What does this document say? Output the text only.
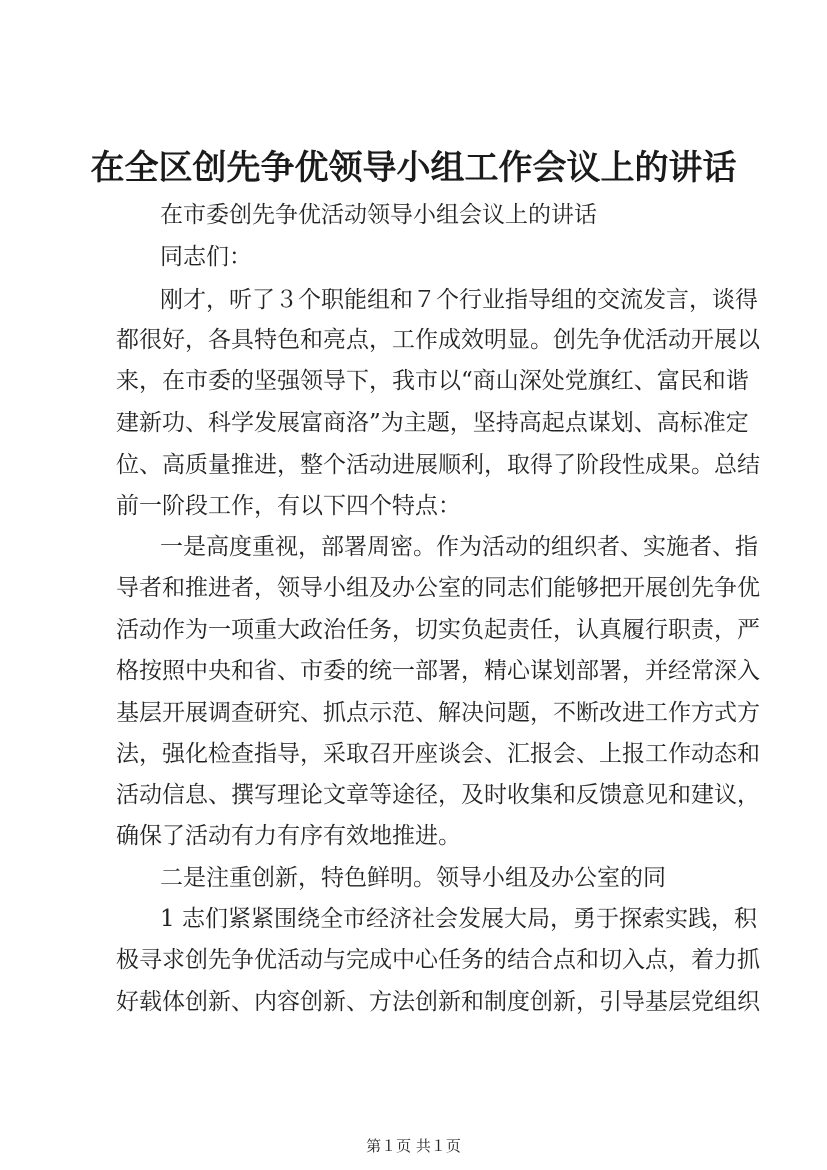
在全区创先争优领导小组工作会议上的讲话
在市委创先争优活动领导小组会议上的讲话
同志们：
刚才，听了３个职能组和７个行业指导组的交流发言，谈得
都很好，各具特色和亮点，工作成效明显。创先争优活动开展以
来，在市委的坚强领导下，我市以“商山深处党旗红、富民和谐
建新功、科学发展富商洛”为主题，坚持高起点谋划、高标准定
位、高质量推进，整个活动进展顺利，取得了阶段性成果。总结
前一阶段工作，有以下四个特点：
一是高度重视，部署周密。作为活动的组织者、实施者、指
导者和推进者，领导小组及办公室的同志们能够把开展创先争优
活动作为一项重大政治任务，切实负起责任，认真履行职责，严
格按照中央和省、市委的统一部署，精心谋划部署，并经常深入
基层开展调查研究、抓点示范、解决问题，不断改进工作方式方
法，强化检查指导，采取召开座谈会、汇报会、上报工作动态和
活动信息、撰写理论文章等途径，及时收集和反馈意见和建议，
确保了活动有力有序有效地推进。
二是注重创新，特色鲜明。领导小组及办公室的同
1 志们紧紧围绕全市经济社会发展大局，勇于探索实践，积
极寻求创先争优活动与完成中心任务的结合点和切入点，着力抓
好载体创新、内容创新、方法创新和制度创新，引导基层党组织
第１页 共１页
